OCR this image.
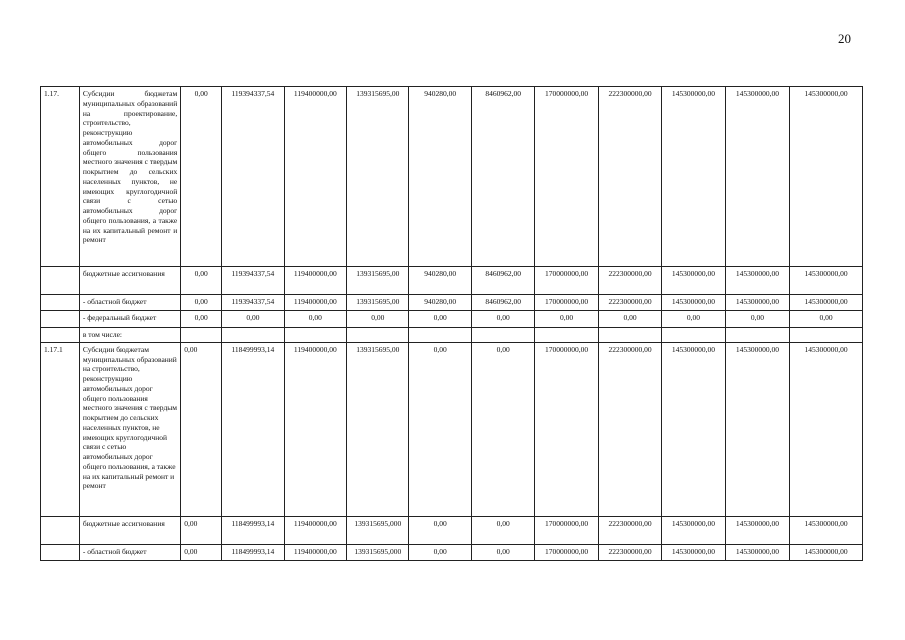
20
1.17.	Субсидии бюджетам муниципальных образований на проектирование, строительство, реконструкцию автомобильных дорог общего пользования местного значения с твердым покрытием до сельских населенных пунктов, не имеющих круглогодичной связи с сетью автомобильных дорог общего пользования, а также на их капитальный ремонт и ремонт	0,00	119394337,54	119400000,00	139315695,00	940280,00	8460962,00	170000000,00	222300000,00	145300000,00	145300000,00	145300000,00
	бюджетные ассигнования	0,00	119394337,54	119400000,00	139315695,00	940280,00	8460962,00	170000000,00	222300000,00	145300000,00	145300000,00	145300000,00
	- областной бюджет	0,00	119394337,54	119400000,00	139315695,00	940280,00	8460962,00	170000000,00	222300000,00	145300000,00	145300000,00	145300000,00
	- федеральный бюджет	0,00	0,00	0,00	0,00	0,00	0,00	0,00	0,00	0,00	0,00	0,00
	в том числе:											
1.17.1	Субсидии бюджетам муниципальных образований на строительство, реконструкцию автомобильных дорог общего пользования местного значения с твердым покрытием до сельских населенных пунктов, не имеющих круглогодичной связи с сетью автомобильных дорог общего пользования, а также на их капитальный ремонт и ремонт	0,00	118499993,14	119400000,00	139315695,00	0,00	0,00	170000000,00	222300000,00	145300000,00	145300000,00	145300000,00
	бюджетные ассигнования	0,00	118499993,14	119400000,00	139315695,000	0,00	0,00	170000000,00	222300000,00	145300000,00	145300000,00	145300000,00
	- областной бюджет	0,00	118499993,14	119400000,00	139315695,000	0,00	0,00	170000000,00	222300000,00	145300000,00	145300000,00	145300000,00
